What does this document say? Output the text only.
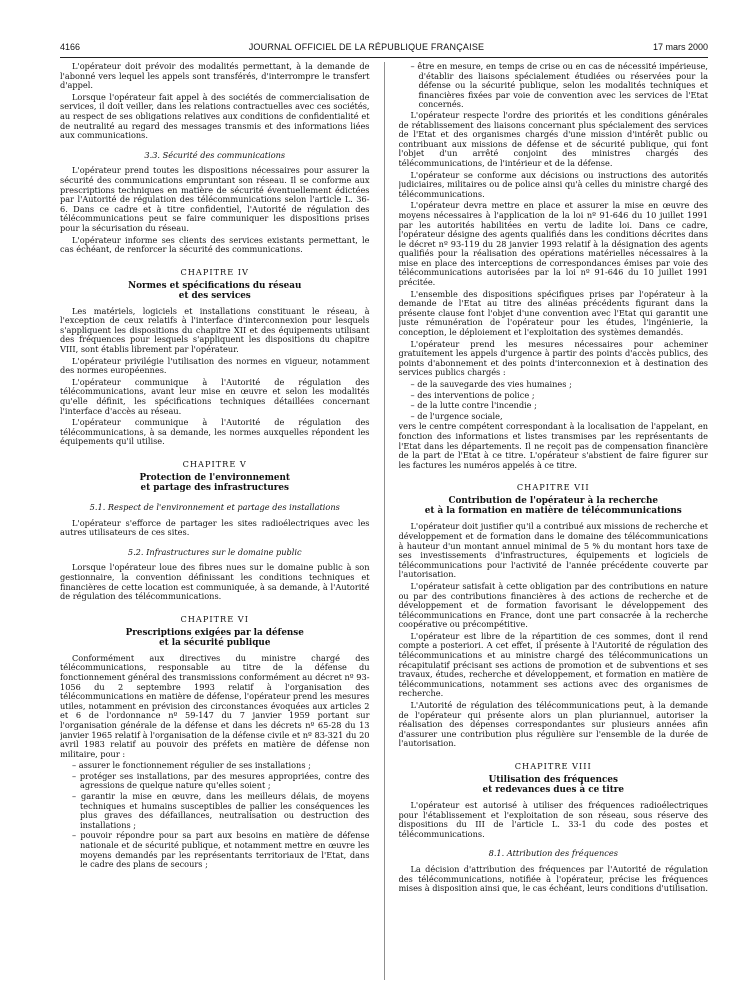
4166	JOURNAL OFFICIEL DE LA RÉPUBLIQUE FRANÇAISE	17 mars 2000

L'opérateur doit prévoir des modalités permettant, à la demande de l'abonné vers lequel les appels sont transférés, d'interrompre le transfert d'appel.

Lorsque l'opérateur fait appel à des sociétés de commercialisation de services, il doit veiller, dans les relations contractuelles avec ces sociétés, au respect de ses obligations relatives aux conditions de confidentialité et de neutralité au regard des messages transmis et des informations liées aux communications.

3.3. Sécurité des communications

L'opérateur prend toutes les dispositions nécessaires pour assurer la sécurité des communications empruntant son réseau. Il se conforme aux prescriptions techniques en matière de sécurité éventuellement édictées par l'Autorité de régulation des télécommunications selon l'article L. 36-6. Dans ce cadre et à titre confidentiel, l'Autorité de régulation des télécommunications peut se faire communiquer les dispositions prises pour la sécurisation du réseau.

L'opérateur informe ses clients des services existants permettant, le cas échéant, de renforcer la sécurité des communications.

CHAPITRE IV
Normes et spécifications du réseau
et des services

Les matériels, logiciels et installations constituant le réseau, à l'exception de ceux relatifs à l'interface d'interconnexion pour lesquels s'appliquent les dispositions du chapitre XII et des équipements utilisant des fréquences pour lesquels s'appliquent les dispositions du chapitre VIII, sont établis librement par l'opérateur.

L'opérateur privilégie l'utilisation des normes en vigueur, notamment des normes européennes.

L'opérateur communique à l'Autorité de régulation des télécommunications, avant leur mise en œuvre et selon les modalités qu'elle définit, les spécifications techniques détaillées concernant l'interface d'accès au réseau.

L'opérateur communique à l'Autorité de régulation des télécommunications, à sa demande, les normes auxquelles répondent les équipements qu'il utilise.

CHAPITRE V
Protection de l'environnement
et partage des infrastructures
5.1. Respect de l'environnement et partage des installations

L'opérateur s'efforce de partager les sites radioélectriques avec les autres utilisateurs de ces sites.

5.2. Infrastructures sur le domaine public

Lorsque l'opérateur loue des fibres nues sur le domaine public à son gestionnaire, la convention définissant les conditions techniques et financières de cette location est communiquée, à sa demande, à l'Autorité de régulation des télécommunications.

CHAPITRE VI
Prescriptions exigées par la défense
et la sécurité publique

Conformément aux directives du ministre chargé des télécommunications, responsable au titre de la défense du fonctionnement général des transmissions conformément au décret nº 93-1056 du 2 septembre 1993 relatif à l'organisation des télécommunications en matière de défense, l'opérateur prend les mesures utiles, notamment en prévision des circonstances évoquées aux articles 2 et 6 de l'ordonnance nº 59-147 du 7 janvier 1959 portant sur l'organisation générale de la défense et dans les décrets nº 65-28 du 13 janvier 1965 relatif à l'organisation de la défense civile et nº 83-321 du 20 avril 1983 relatif au pouvoir des préfets en matière de défense non militaire, pour :

– assurer le fonctionnement régulier de ses installations ;
– protéger ses installations, par des mesures appropriées, contre des agressions de quelque nature qu'elles soient ;
– garantir la mise en œuvre, dans les meilleurs délais, de moyens techniques et humains susceptibles de pallier les conséquences les plus graves des défaillances, neutralisation ou destruction des installations ;
– pouvoir répondre pour sa part aux besoins en matière de défense nationale et de sécurité publique, et notamment mettre en œuvre les moyens demandés par les représentants territoriaux de l'Etat, dans le cadre des plans de secours ;
– être en mesure, en temps de crise ou en cas de nécessité impérieuse, d'établir des liaisons spécialement étudiées ou réservées pour la défense ou la sécurité publique, selon les modalités techniques et financières fixées par voie de convention avec les services de l'Etat concernés.

L'opérateur respecte l'ordre des priorités et les conditions générales de rétablissement des liaisons concernant plus spécialement des services de l'Etat et des organismes chargés d'une mission d'intérêt public ou contribuant aux missions de défense et de sécurité publique, qui font l'objet d'un arrêté conjoint des ministres chargés des télécommunications, de l'intérieur et de la défense.

L'opérateur se conforme aux décisions ou instructions des autorités judiciaires, militaires ou de police ainsi qu'à celles du ministre chargé des télécommunications.

L'opérateur devra mettre en place et assurer la mise en œuvre des moyens nécessaires à l'application de la loi nº 91-646 du 10 juillet 1991 par les autorités habilitées en vertu de ladite loi. Dans ce cadre, l'opérateur désigne des agents qualifiés dans les conditions décrites dans le décret nº 93-119 du 28 janvier 1993 relatif à la désignation des agents qualifiés pour la réalisation des opérations matérielles nécessaires à la mise en place des interceptions de correspondances émises par voie des télécommunications autorisées par la loi nº 91-646 du 10 juillet 1991 précitée.

L'ensemble des dispositions spécifiques prises par l'opérateur à la demande de l'Etat au titre des alinéas précédents figurant dans la présente clause font l'objet d'une convention avec l'Etat qui garantit une juste rémunération de l'opérateur pour les études, l'ingénierie, la conception, le déploiement et l'exploitation des systèmes demandés.

L'opérateur prend les mesures nécessaires pour acheminer gratuitement les appels d'urgence à partir des points d'accès publics, des points d'abonnement et des points d'interconnexion et à destination des services publics chargés :

– de la sauvegarde des vies humaines ;
– des interventions de police ;
– de la lutte contre l'incendie ;
– de l'urgence sociale,

vers le centre compétent correspondant à la localisation de l'appelant, en fonction des informations et listes transmises par les représentants de l'Etat dans les départements. Il ne reçoit pas de compensation financière de la part de l'Etat à ce titre. L'opérateur s'abstient de faire figurer sur les factures les numéros appelés à ce titre.

CHAPITRE VII
Contribution de l'opérateur à la recherche
et à la formation en matière de télécommunications

L'opérateur doit justifier qu'il a contribué aux missions de recherche et développement et de formation dans le domaine des télécommunications à hauteur d'un montant annuel minimal de 5 % du montant hors taxe de ses investissements d'infrastructures, équipements et logiciels de télécommunications pour l'activité de l'année précédente couverte par l'autorisation.

L'opérateur satisfait à cette obligation par des contributions en nature ou par des contributions financières à des actions de recherche et de développement et de formation favorisant le développement des télécommunications en France, dont une part consacrée à la recherche coopérative ou précompétitive.

L'opérateur est libre de la répartition de ces sommes, dont il rend compte a posteriori. A cet effet, il présente à l'Autorité de régulation des télécommunications et au ministre chargé des télécommunications un récapitulatif précisant ses actions de promotion et de subventions et ses travaux, études, recherche et développement, et formation en matière de télécommunications, notamment ses actions avec des organismes de recherche.

L'Autorité de régulation des télécommunications peut, à la demande de l'opérateur qui présente alors un plan pluriannuel, autoriser la réalisation des dépenses correspondantes sur plusieurs années afin d'assurer une contribution plus régulière sur l'ensemble de la durée de l'autorisation.

CHAPITRE VIII
Utilisation des fréquences
et redevances dues à ce titre

L'opérateur est autorisé à utiliser des fréquences radioélectriques pour l'établissement et l'exploitation de son réseau, sous réserve des dispositions du III de l'article L. 33-1 du code des postes et télécommunications.

8.1. Attribution des fréquences

La décision d'attribution des fréquences par l'Autorité de régulation des télécommunications, notifiée à l'opérateur, précise les fréquences mises à disposition ainsi que, le cas échéant, leurs conditions d'utilisation.
